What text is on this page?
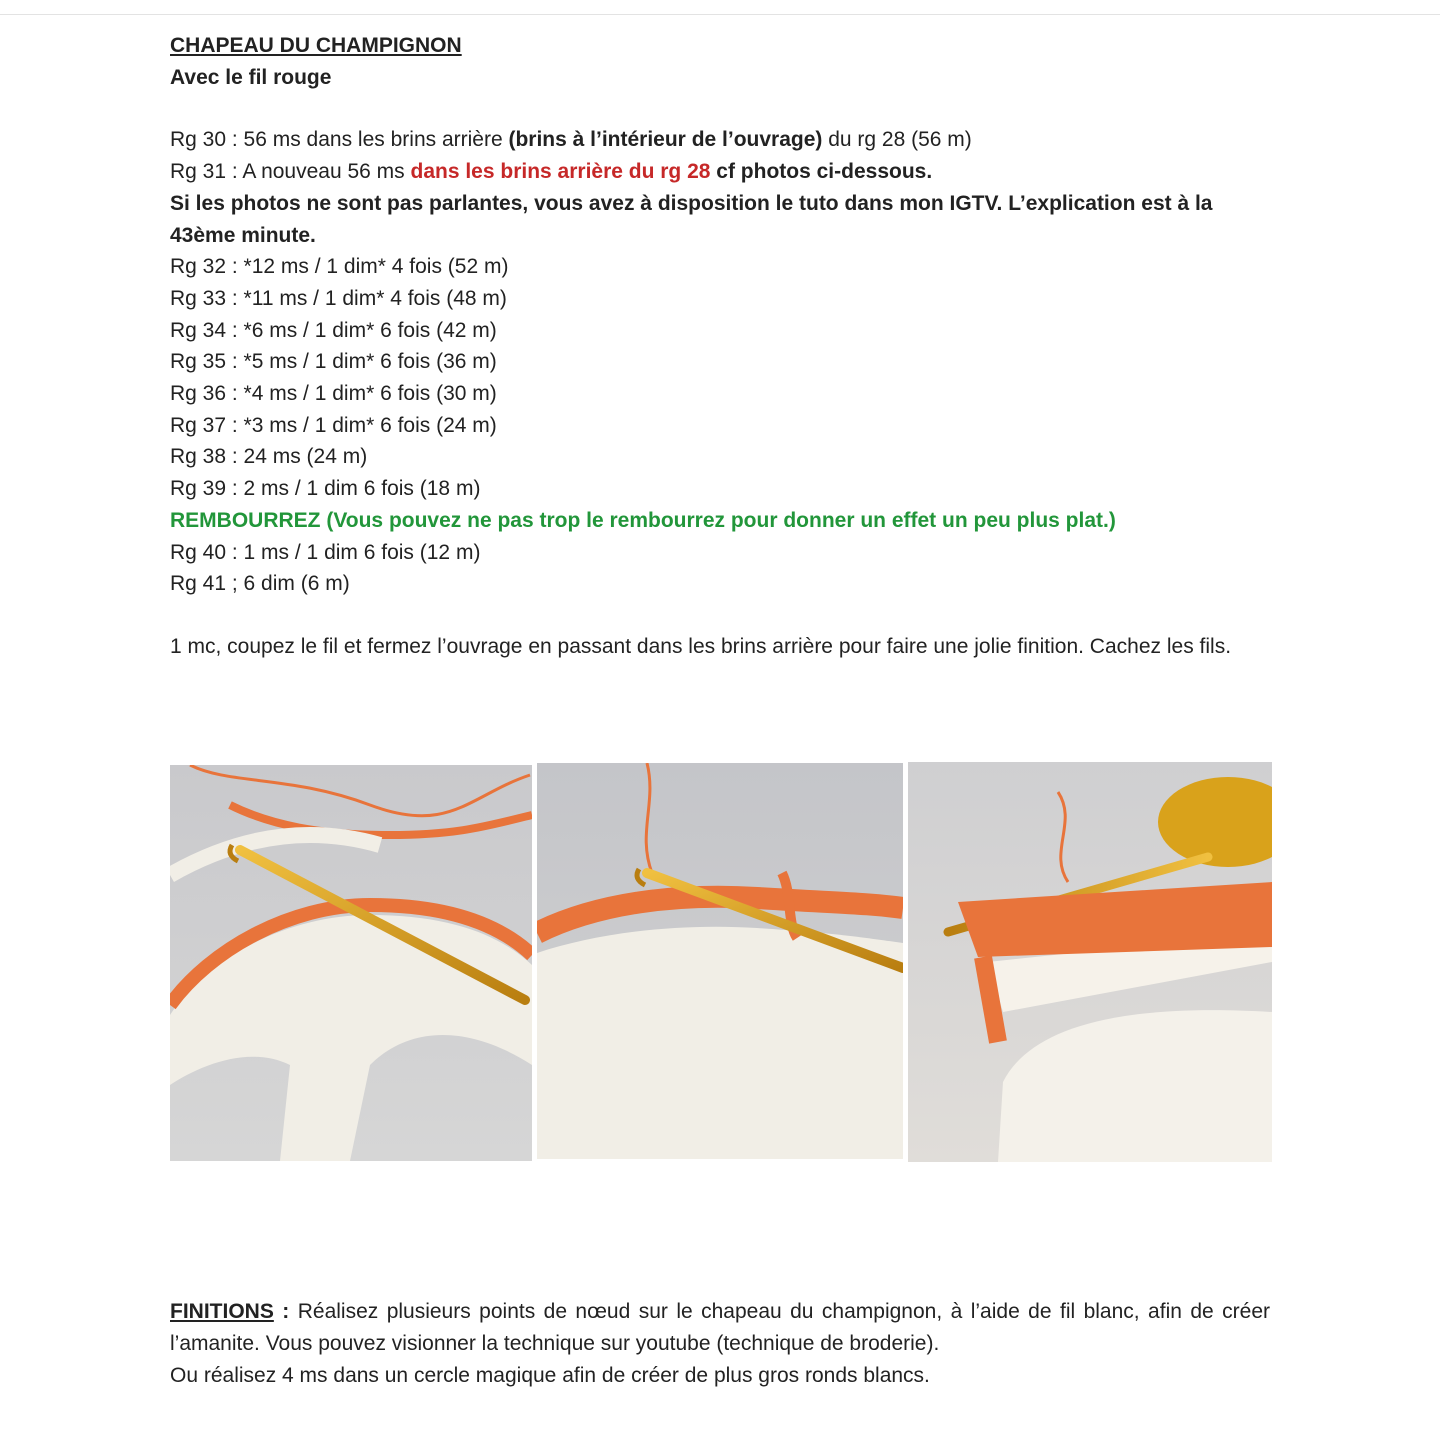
CHAPEAU DU CHAMPIGNON

Avec le fil rouge

Rg 30 : 56 ms dans les brins arrière (brins à l’intérieur de l’ouvrage) du rg 28 (56 m)

Rg 31 : A nouveau 56 ms dans les brins arrière du rg 28 cf photos ci-dessous.

Si les photos ne sont pas parlantes, vous avez à disposition le tuto dans mon IGTV. L’explication est à la 43ème minute.

Rg 32 : *12 ms / 1 dim* 4 fois (52 m)

Rg 33 : *11 ms / 1 dim* 4 fois (48 m)

Rg 34 : *6 ms / 1 dim* 6 fois (42 m)

Rg 35 : *5 ms / 1 dim* 6 fois (36 m)

Rg 36 : *4 ms / 1 dim* 6 fois (30 m)

Rg 37 : *3 ms / 1 dim* 6 fois (24 m)

Rg 38 : 24 ms (24 m)

Rg 39 : 2 ms / 1 dim 6 fois (18 m)

REMBOURREZ (Vous pouvez ne pas trop le rembourrez pour donner un effet un peu plus plat.)

Rg 40 : 1 ms / 1 dim 6 fois (12 m)

Rg 41 ; 6 dim (6 m)

1 mc, coupez le fil et fermez l’ouvrage en passant dans les brins arrière pour faire une jolie finition. Cachez les fils.

FINITIONS : Réalisez plusieurs points de nœud sur le chapeau du champignon, à l’aide de fil blanc, afin de créer l’amanite. Vous pouvez visionner la technique sur youtube (technique de broderie).
Ou réalisez 4 ms dans un cercle magique afin de créer de plus gros ronds blancs.
